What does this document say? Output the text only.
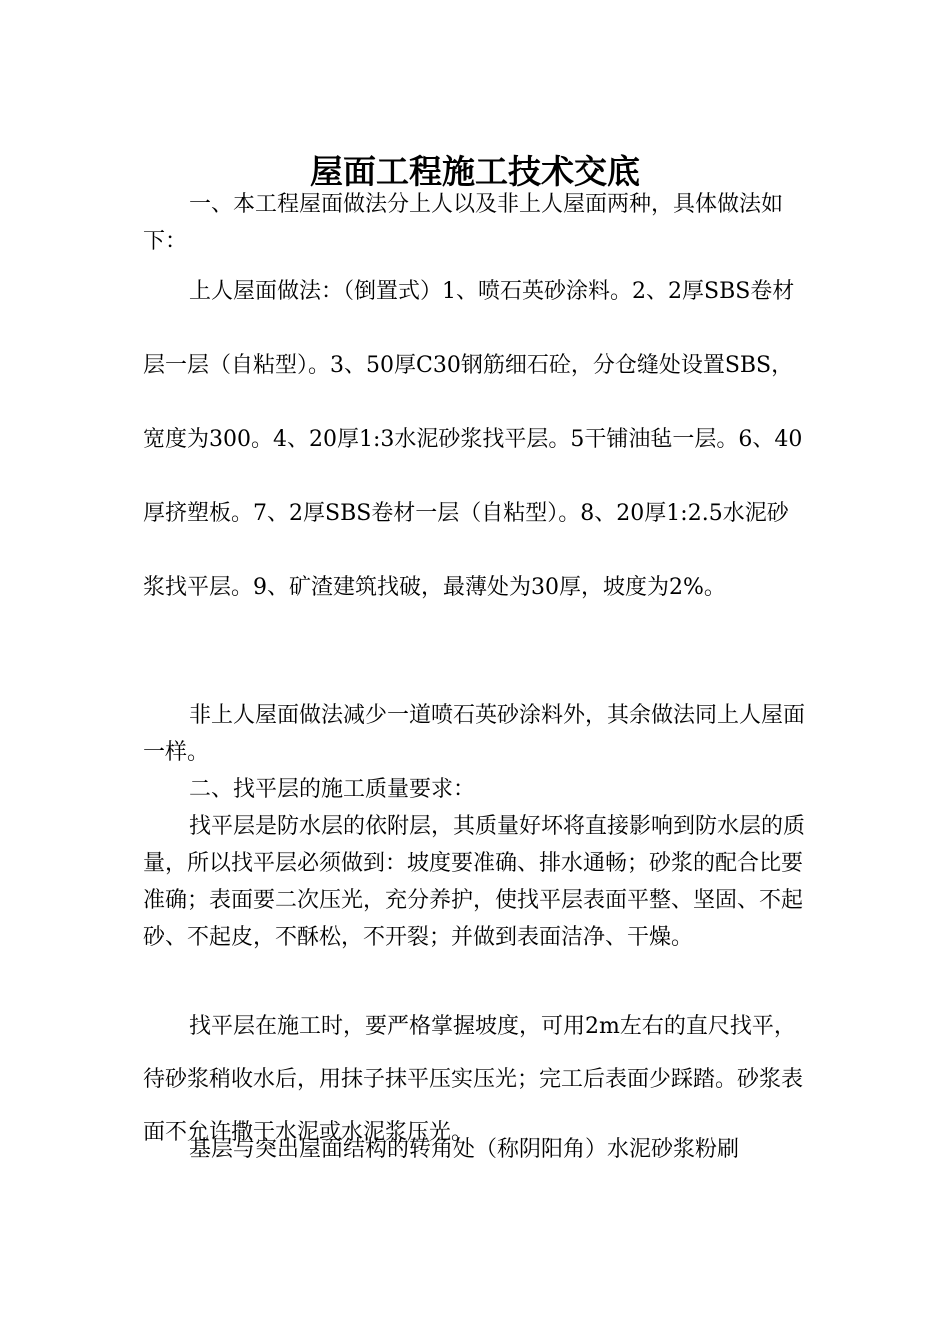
屋面工程施工技术交底

一、本工程屋面做法分上人以及非上人屋面两种，具体做法如下：

上人屋面做法：（倒置式）1、喷石英砂涂料。2、2厚SBS卷材层一层（自粘型）。3、50厚C30钢筋细石砼，分仓缝处设置SBS，宽度为300。4、20厚1:3水泥砂浆找平层。5干铺油毡一层。6、40厚挤塑板。7、2厚SBS卷材一层（自粘型）。8、20厚1:2.5水泥砂浆找平层。9、矿渣建筑找破，最薄处为30厚，坡度为2%。

非上人屋面做法减少一道喷石英砂涂料外，其余做法同上人屋面一样。

二、找平层的施工质量要求：

找平层是防水层的依附层，其质量好坏将直接影响到防水层的质量，所以找平层必须做到：坡度要准确、排水通畅；砂浆的配合比要准确；表面要二次压光，充分养护，使找平层表面平整、坚固、不起砂、不起皮，不酥松，不开裂；并做到表面洁净、干燥。

找平层在施工时，要严格掌握坡度，可用2m左右的直尺找平，待砂浆稍收水后，用抹子抹平压实压光；完工后表面少踩踏。砂浆表面不允许撒干水泥或水泥浆压光。

基层与突出屋面结构的转角处（称阴阳角）水泥砂浆粉刷
